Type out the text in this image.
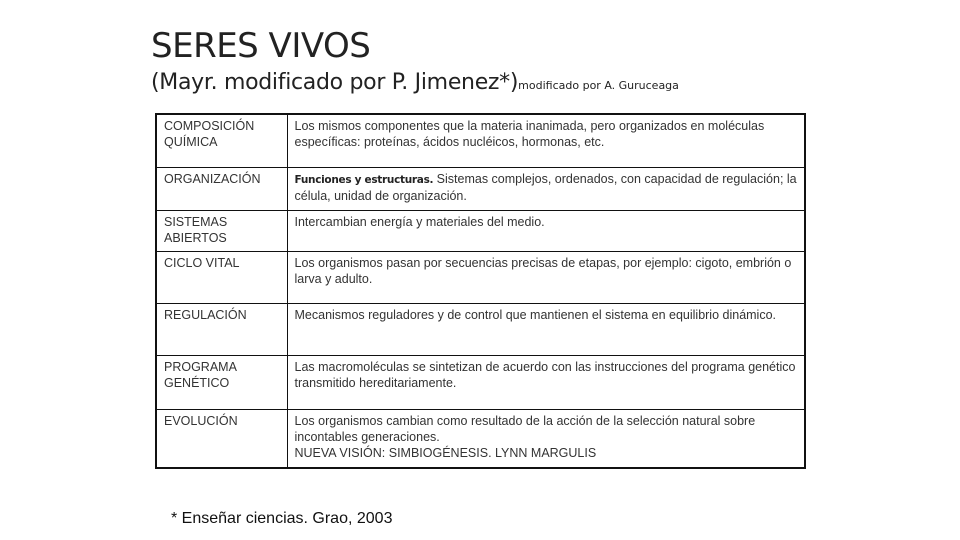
SERES VIVOS
(Mayr. modificado por P. Jimenez*)modificado por A. Guruceaga
COMPOSICIÓN QUÍMICA	Los mismos componentes que la materia inanimada, pero organizados en moléculas específicas: proteínas, ácidos nucléicos, hormonas, etc.
ORGANIZACIÓN	Funciones y estructuras. Sistemas complejos, ordenados, con capacidad de regulación; la célula, unidad de organización.
SISTEMAS ABIERTOS	Intercambian energía y materiales del medio.
CICLO VITAL	Los organismos pasan por secuencias precisas de etapas, por ejemplo: cigoto, embrión o larva y adulto.
REGULACIÓN	Mecanismos reguladores y de control que mantienen el sistema en equilibrio dinámico.
PROGRAMA GENÉTICO	Las macromoléculas se sintetizan de acuerdo con las instrucciones del programa genético transmitido hereditariamente.
EVOLUCIÓN	Los organismos cambian como resultado de la acción de la selección natural sobre incontables generaciones.
NUEVA VISIÓN: SIMBIOGÉNESIS. LYNN MARGULIS
* Enseñar ciencias. Grao, 2003
